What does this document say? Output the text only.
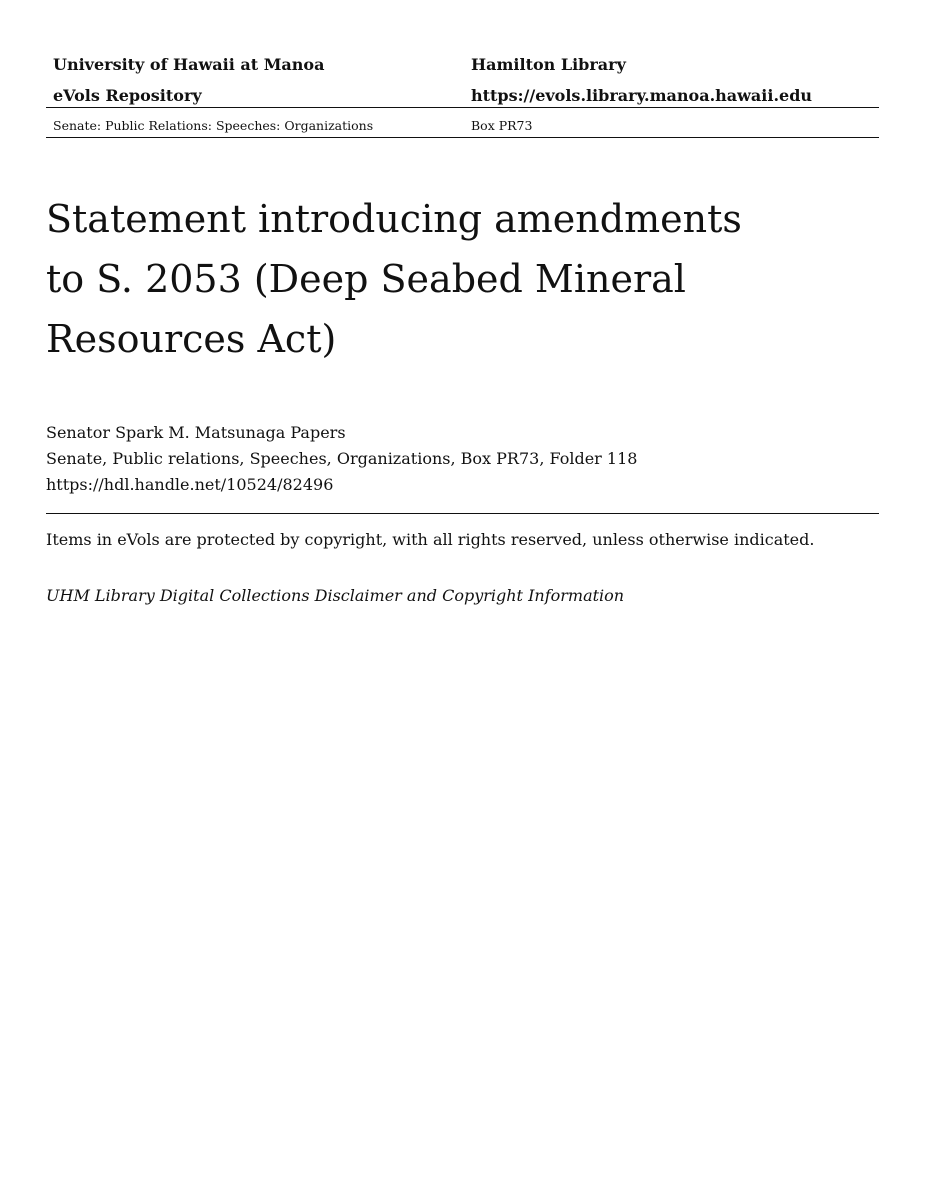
University of Hawaii at Manoa	Hamilton Library
eVols Repository	https://evols.library.manoa.hawaii.edu
Senate: Public Relations: Speeches: Organizations	Box PR73
Statement introducing amendments
to S. 2053 (Deep Seabed Mineral
Resources Act)
Senator Spark M. Matsunaga Papers
Senate, Public relations, Speeches, Organizations, Box PR73, Folder 118
https://hdl.handle.net/10524/82496
Items in eVols are protected by copyright, with all rights reserved, unless otherwise indicated.
UHM Library Digital Collections Disclaimer and Copyright Information
